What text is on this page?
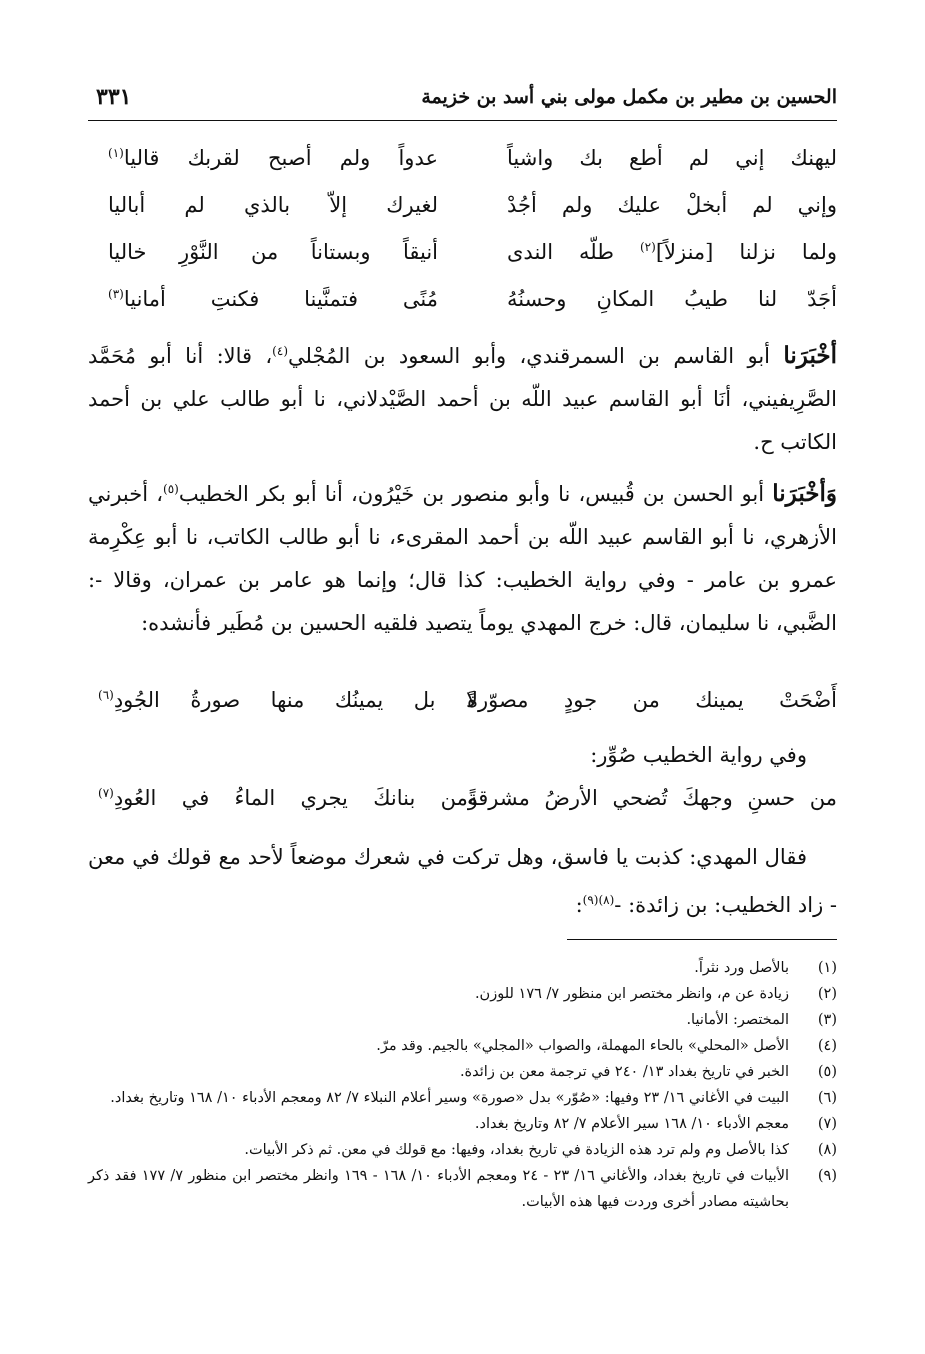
الحسين بن مطير بن مكمل مولى بني أسد بن خزيمة
٣٣١
ليهنك إني لم أطع بك واشياً
عدواً ولم أصبح لقربك قاليا$^{(١)}$
وإني لم أبخلْ عليك ولم أجُدْ
لغيرك إلاّ بالذي لم أباليا
ولما نزلنا [منزلاً]$^{(٢)}$ طلّه الندى
أنيقاً وبستاناً من النَّوْرِ خاليا
أجَدّ لنا طيبُ المكانِ وحسنُهُ
مُنًى فتمنَّينا فكنتِ أمانيا$^{(٣)}$
أخْبَرَنا أبو القاسم بن السمرقندي، وأبو السعود بن المُجْلي$^{(٤)}$، قالا: أنا أبو مُحَمَّد الصَّرِيفيني، أنَا أبو القاسم عبيد اللّه بن أحمد الصَّيْدلاني، نا أبو طالب علي بن أحمد الكاتب ح.
وَأخْبَرَنا أبو الحسن بن قُبيس، نا وأبو منصور بن خَيْرُون، أنا أبو بكر الخطيب$^{(٥)}$، أخبرني الأزهري، نا أبو القاسم عبيد اللّه بن أحمد المقرىء، نا أبو طالب الكاتب، نا أبو عِكْرِمة عمرو بن عامر - وفي رواية الخطيب: كذا قال؛ وإنما هو عامر بن عمران، وقالا -: الضَّبي، نا سليمان، قال: خرج المهدي يوماً يتصيد فلقيه الحسين بن مُطَير فأنشده:
أَضْحَتْ يمينك من جودٍ مصوّرةً
لا بل يمينُك منها صورةُ الجُودِ$^{(٦)}$
وفي رواية الخطيب صُوِّر:
من حسنِ وجهكَ تُضحي الأرضُ مشرقةً
ومن بنانكَ يجري الماءُ في العُودِ$^{(٧)}$
فقال المهدي: كذبت يا فاسق، وهل تركت في شعرك موضعاً لأحد مع قولك في معن - زاد الخطيب: بن زائدة: -$^{(٨)(٩)}$:
(١)
بالأصل ورد نثراً.
(٢)
زيادة عن م، وانظر مختصر ابن منظور ٧/ ١٧٦ للوزن.
(٣)
المختصر: الأمانيا.
(٤)
الأصل «المحلي» بالحاء المهملة، والصواب «المجلي» بالجيم. وقد مرّ.
(٥)
الخبر في تاريخ بغداد ١٣/ ٢٤٠ في ترجمة معن بن زائدة.
(٦)
البيت في الأغاني ١٦/ ٢٣ وفيها: «صُوّر» بدل «صورة» وسير أعلام النبلاء ٧/ ٨٢ ومعجم الأدباء ١٠/ ١٦٨ وتاريخ بغداد.
(٧)
معجم الأدباء ١٠/ ١٦٨ سير الأعلام ٧/ ٨٢ وتاريخ بغداد.
(٨)
كذا بالأصل وم ولم ترد هذه الزيادة في تاريخ بغداد، وفيها: مع قولك في معن. ثم ذكر الأبيات.
(٩)
الأبيات في تاريخ بغداد، والأغاني ١٦/ ٢٣ - ٢٤ ومعجم الأدباء ١٠/ ١٦٨ - ١٦٩ وانظر مختصر ابن منظور ٧/ ١٧٧ فقد ذكر بحاشيته مصادر أخرى وردت فيها هذه الأبيات.
